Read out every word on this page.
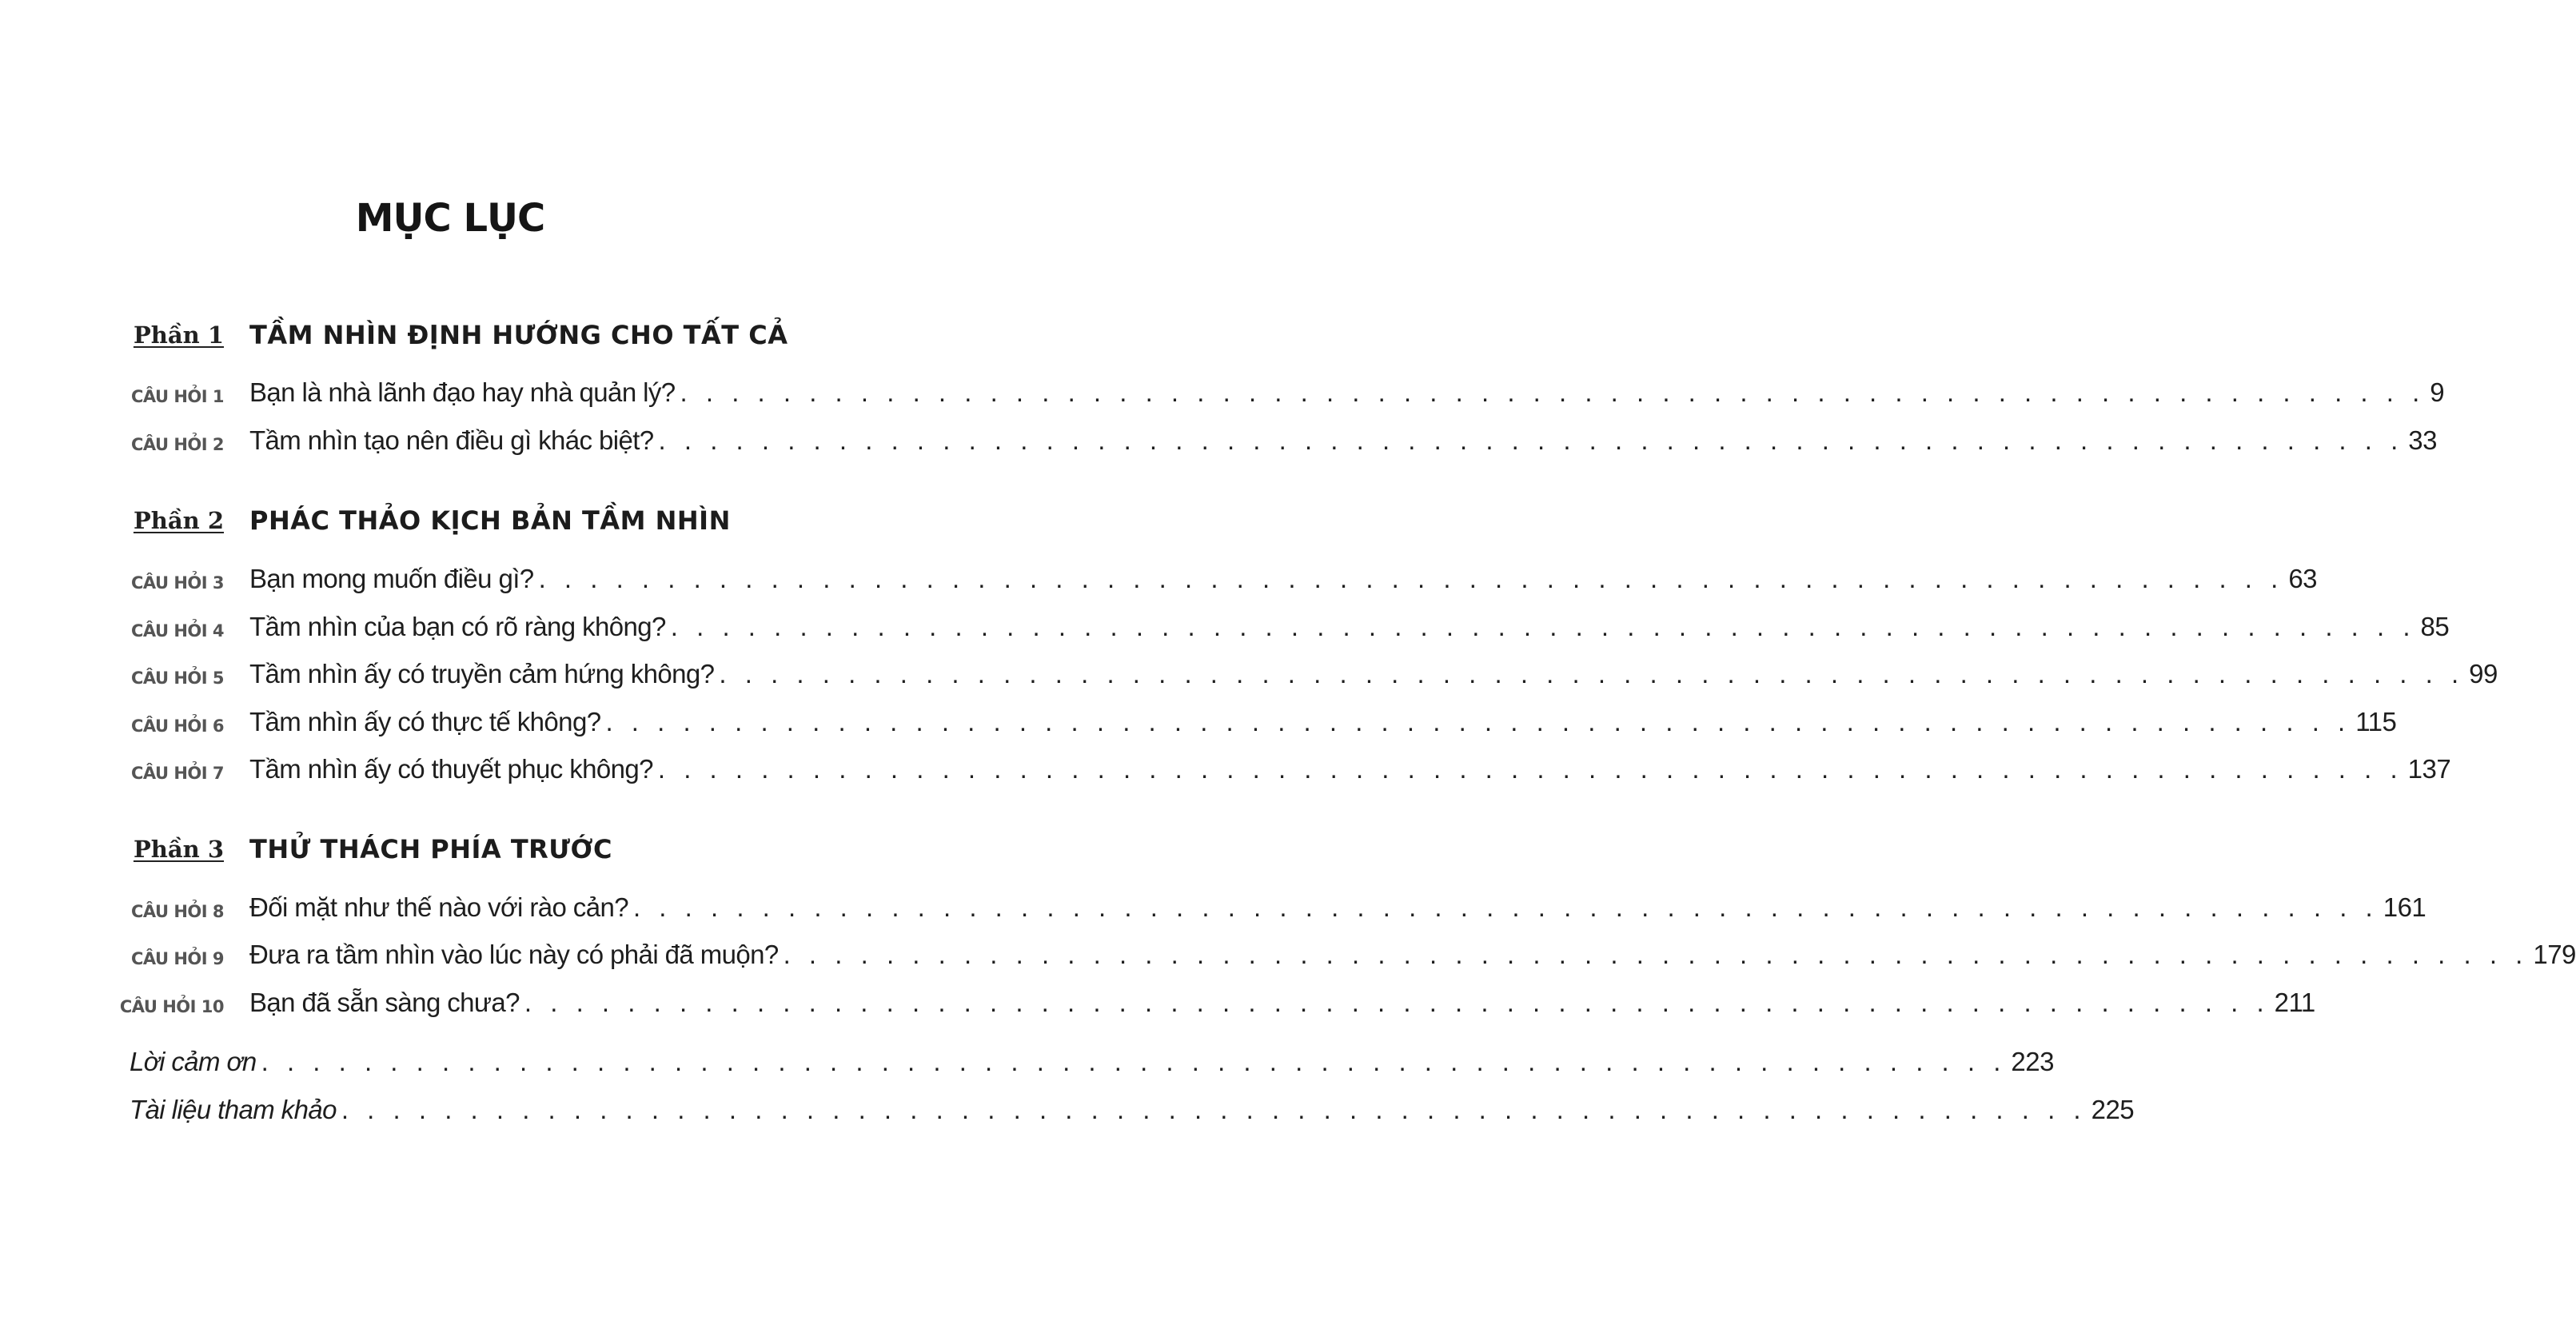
MỤC LỤC
Phần 1 TẦM NHÌN ĐỊNH HƯỚNG CHO TẤT CẢ
CÂU HỎI 1 Bạn là nhà lãnh đạo hay nhà quản lý? . . . . . . . . . . . . . . . . . . . . . . . . . . . . . . . . . . . . . . . . . . . . . . . . . . . . . . . . . . . . . . . . . . . . 9
CÂU HỎI 2 Tầm nhìn tạo nên điều gì khác biệt? . . . . . . . . . . . . . . . . . . . . . . . . . . . . . . . . . . . . . . . . . . . . . . . . . . . . . . . . . . . . . . . . . . . . 33
Phần 2 PHÁC THẢO KỊCH BẢN TẦM NHÌN
CÂU HỎI 3 Bạn mong muốn điều gì? . . . . . . . . . . . . . . . . . . . . . . . . . . . . . . . . . . . . . . . . . . . . . . . . . . . . . . . . . . . . . . . . . . . . 63
CÂU HỎI 4 Tầm nhìn của bạn có rõ ràng không? . . . . . . . . . . . . . . . . . . . . . . . . . . . . . . . . . . . . . . . . . . . . . . . . . . . . . . . . . . . . . . . . . . . . 85
CÂU HỎI 5 Tầm nhìn ấy có truyền cảm hứng không? . . . . . . . . . . . . . . . . . . . . . . . . . . . . . . . . . . . . . . . . . . . . . . . . . . . . . . . . . . . . . . . . . . . . 99
CÂU HỎI 6 Tầm nhìn ấy có thực tế không? . . . . . . . . . . . . . . . . . . . . . . . . . . . . . . . . . . . . . . . . . . . . . . . . . . . . . . . . . . . . . . . . . . . . 115
CÂU HỎI 7 Tầm nhìn ấy có thuyết phục không? . . . . . . . . . . . . . . . . . . . . . . . . . . . . . . . . . . . . . . . . . . . . . . . . . . . . . . . . . . . . . . . . . . . . 137
Phần 3 THỬ THÁCH PHÍA TRƯỚC
CÂU HỎI 8 Đối mặt như thế nào với rào cản? . . . . . . . . . . . . . . . . . . . . . . . . . . . . . . . . . . . . . . . . . . . . . . . . . . . . . . . . . . . . . . . . . . . . 161
CÂU HỎI 9 Đưa ra tầm nhìn vào lúc này có phải đã muộn? . . . . . . . . . . . . . . . . . . . . . . . . . . . . . . . . . . . . . . . . . . . . . . . . . . . . . . . . . . . . . . . . . . . . 179
CÂU HỎI 10 Bạn đã sẵn sàng chưa? . . . . . . . . . . . . . . . . . . . . . . . . . . . . . . . . . . . . . . . . . . . . . . . . . . . . . . . . . . . . . . . . . . . . 211
Lời cảm ơn . . . . . . . . . . . . . . . . . . . . . . . . . . . . . . . . . . . . . . . . . . . . . . . . . . . . . . . . . . . . . . . . . . . . 223
Tài liệu tham khảo . . . . . . . . . . . . . . . . . . . . . . . . . . . . . . . . . . . . . . . . . . . . . . . . . . . . . . . . . . . . . . . . . . . . 225
